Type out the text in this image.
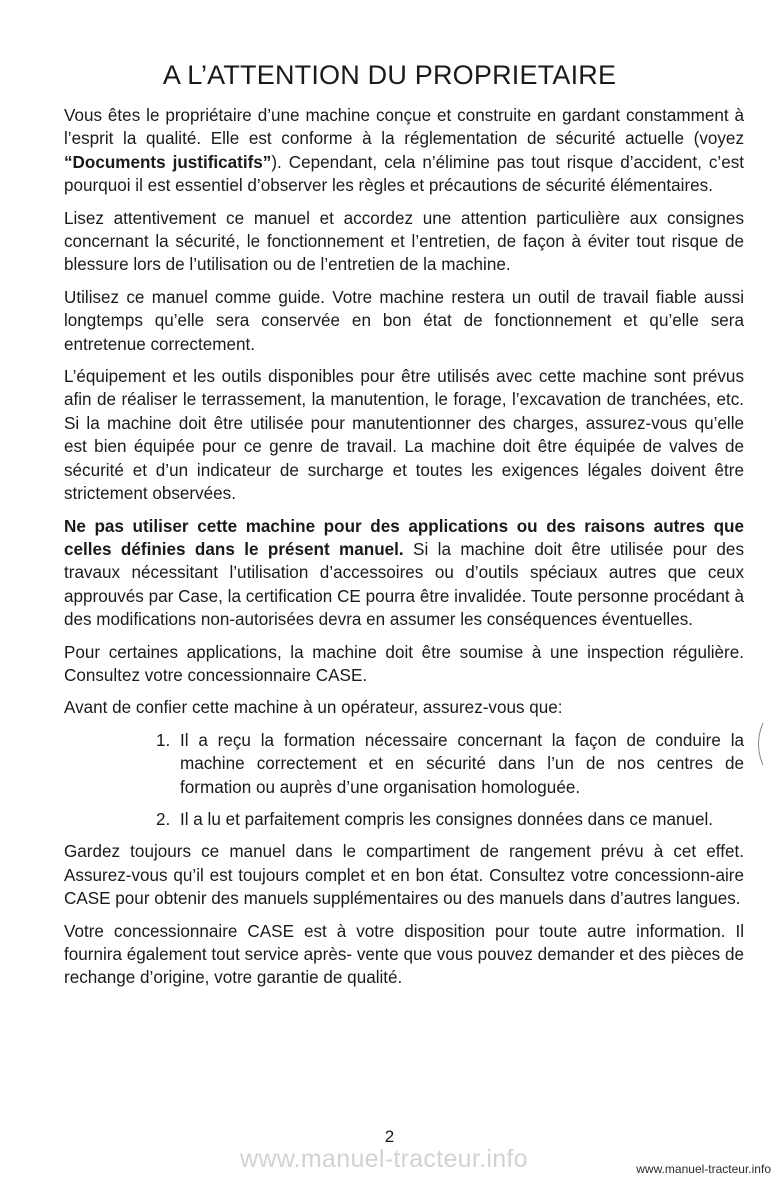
A L’ATTENTION DU PROPRIETAIRE

Vous êtes le propriétaire d’une machine conçue et construite en gardant constamment à l’esprit la qualité. Elle est conforme à la réglementation de sécurité actuelle (voyez “Documents justificatifs”). Cependant, cela n’élimine pas tout risque d’accident, c’est pourquoi il est essentiel d’observer les règles et précautions de sécurité élémentaires.

Lisez attentivement ce manuel et accordez une attention particulière aux consignes concernant la sécurité, le fonctionnement et l’entretien, de façon à éviter tout risque de blessure lors de l’utilisation ou de l’entretien de la machine.

Utilisez ce manuel comme guide. Votre machine restera un outil de travail fiable aussi longtemps qu’elle sera conservée en bon état de fonctionnement et qu’elle sera entretenue correctement.

L’équipement et les outils disponibles pour être utilisés avec cette machine sont prévus afin de réaliser le terrassement, la manutention, le forage, l’excavation de tranchées, etc. Si la machine doit être utilisée pour manutentionner des charges, assurez-vous qu’elle est bien équipée pour ce genre de travail. La machine doit être équipée de valves de sécurité et d’un indicateur de surcharge et toutes les exigences légales doivent être strictement observées.

Ne pas utiliser cette machine pour des applications ou des raisons autres que celles définies dans le présent manuel. Si la machine doit être utilisée pour des travaux nécessitant l’utilisation d’accessoires ou d’outils spéciaux autres que ceux approuvés par Case, la certification CE pourra être invalidée. Toute personne procédant à des modifications non-autorisées devra en assumer les conséquences éventuelles.

Pour certaines applications, la machine doit être soumise à une inspection régulière. Consultez votre concessionnaire CASE.

Avant de confier cette machine à un opérateur, assurez-vous que:

1. Il a reçu la formation nécessaire concernant la façon de conduire la machine correctement et en sécurité dans l’un de nos centres de formation ou auprès d’une organisation homologuée.
2. Il a lu et parfaitement compris les consignes données dans ce manuel.

Gardez toujours ce manuel dans le compartiment de rangement prévu à cet effet. Assurez-vous qu’il est toujours complet et en bon état. Consultez votre concessionn-aire CASE pour obtenir des manuels supplémentaires ou des manuels dans d’autres langues.

Votre concessionnaire CASE est à votre disposition pour toute autre information. Il fournira également tout service après- vente que vous pouvez demander et des pièces de rechange d’origine, votre garantie de qualité.

2
www.manuel-tracteur.info	www.manuel-tracteur.info
